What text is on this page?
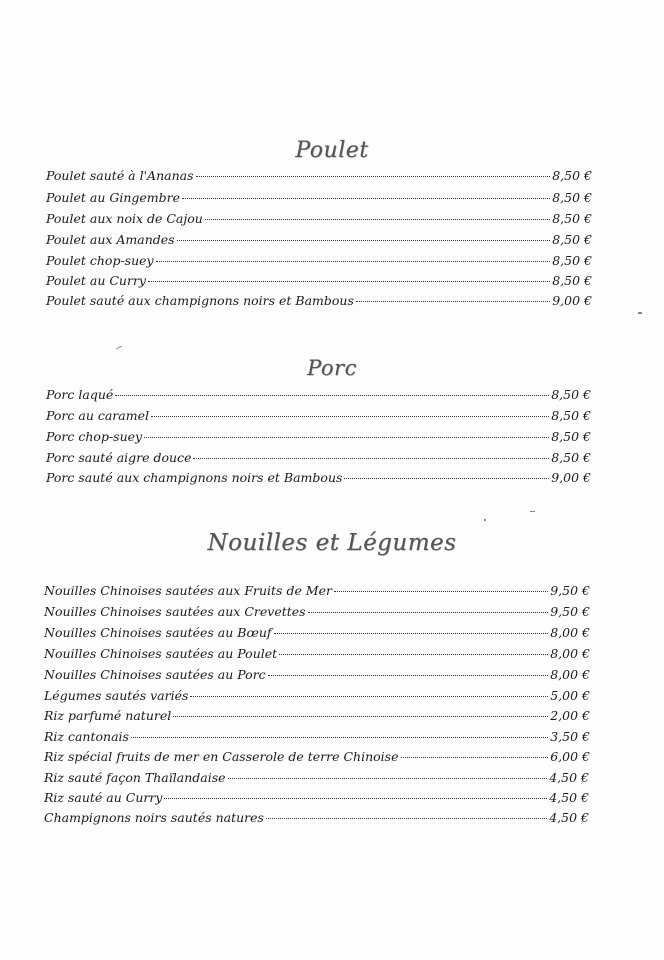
Poulet
Poulet sauté à l'Ananas	8,50 €
Poulet au Gingembre	8,50 €
Poulet aux noix de Cajou	8,50 €
Poulet aux Amandes	8,50 €
Poulet chop-suey	8,50 €
Poulet au Curry	8,50 €
Poulet sauté aux champignons noirs et Bambous	9,00 €
Porc
Porc laqué	8,50 €
Porc au caramel	8,50 €
Porc chop-suey	8,50 €
Porc sauté aigre douce	8,50 €
Porc sauté aux champignons noirs et Bambous	9,00 €
Nouilles et Légumes
Nouilles Chinoises sautées aux Fruits de Mer	9,50 €
Nouilles Chinoises sautées aux Crevettes	9,50 €
Nouilles Chinoises sautées au Bœuf	8,00 €
Nouilles Chinoises sautées au Poulet	8,00 €
Nouilles Chinoises sautées au Porc	8,00 €
Légumes sautés variés	5,00 €
Riz parfumé naturel	2,00 €
Riz cantonais	3,50 €
Riz spécial fruits de mer en Casserole de terre Chinoise	6,00 €
Riz sauté façon Thaïlandaise	4,50 €
Riz sauté au Curry	4,50 €
Champignons noirs sautés natures	4,50 €
